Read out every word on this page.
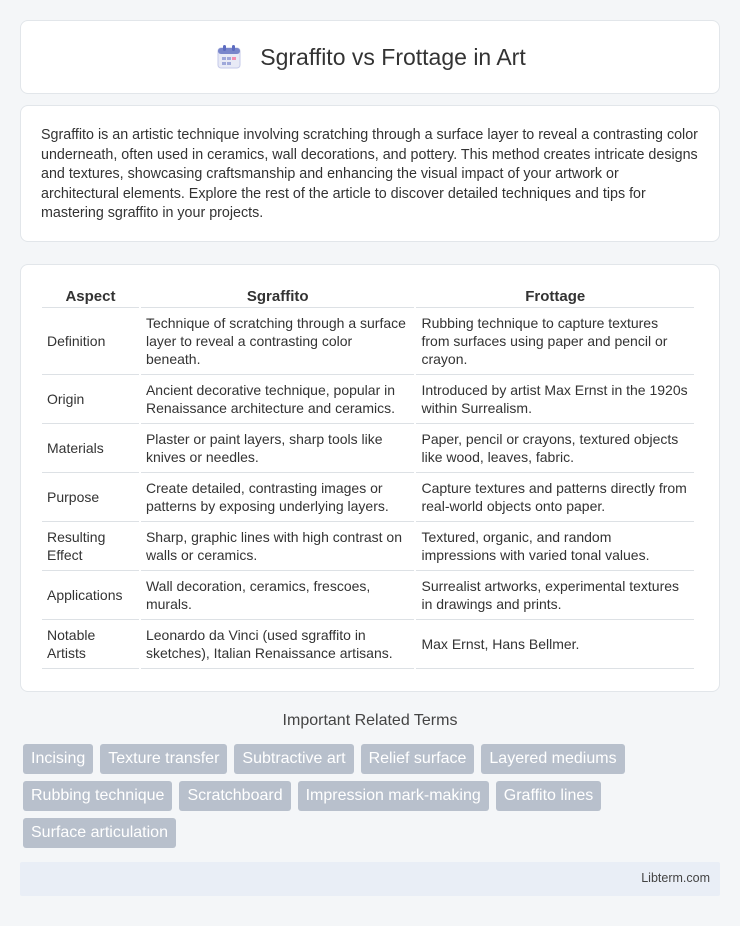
Sgraffito vs Frottage in Art

Sgraffito is an artistic technique involving scratching through a surface layer to reveal a contrasting color underneath, often used in ceramics, wall decorations, and pottery. This method creates intricate designs and textures, showcasing craftsmanship and enhancing the visual impact of your artwork or architectural elements. Explore the rest of the article to discover detailed techniques and tips for mastering sgraffito in your projects.

Aspect	Sgraffito	Frottage
Definition	Technique of scratching through a surface layer to reveal a contrasting color beneath.	Rubbing technique to capture textures from surfaces using paper and pencil or crayon.
Origin	Ancient decorative technique, popular in Renaissance architecture and ceramics.	Introduced by artist Max Ernst in the 1920s within Surrealism.
Materials	Plaster or paint layers, sharp tools like knives or needles.	Paper, pencil or crayons, textured objects like wood, leaves, fabric.
Purpose	Create detailed, contrasting images or patterns by exposing underlying layers.	Capture textures and patterns directly from real-world objects onto paper.
Resulting Effect	Sharp, graphic lines with high contrast on walls or ceramics.	Textured, organic, and random impressions with varied tonal values.
Applications	Wall decoration, ceramics, frescoes, murals.	Surrealist artworks, experimental textures in drawings and prints.
Notable Artists	Leonardo da Vinci (used sgraffito in sketches), Italian Renaissance artisans.	Max Ernst, Hans Bellmer.
Important Related Terms
Incising	Texture transfer	Subtractive art	Relief surface	Layered mediums
Rubbing technique	Scratchboard	Impression mark-making	Graffito lines
Surface articulation
Libterm.com
